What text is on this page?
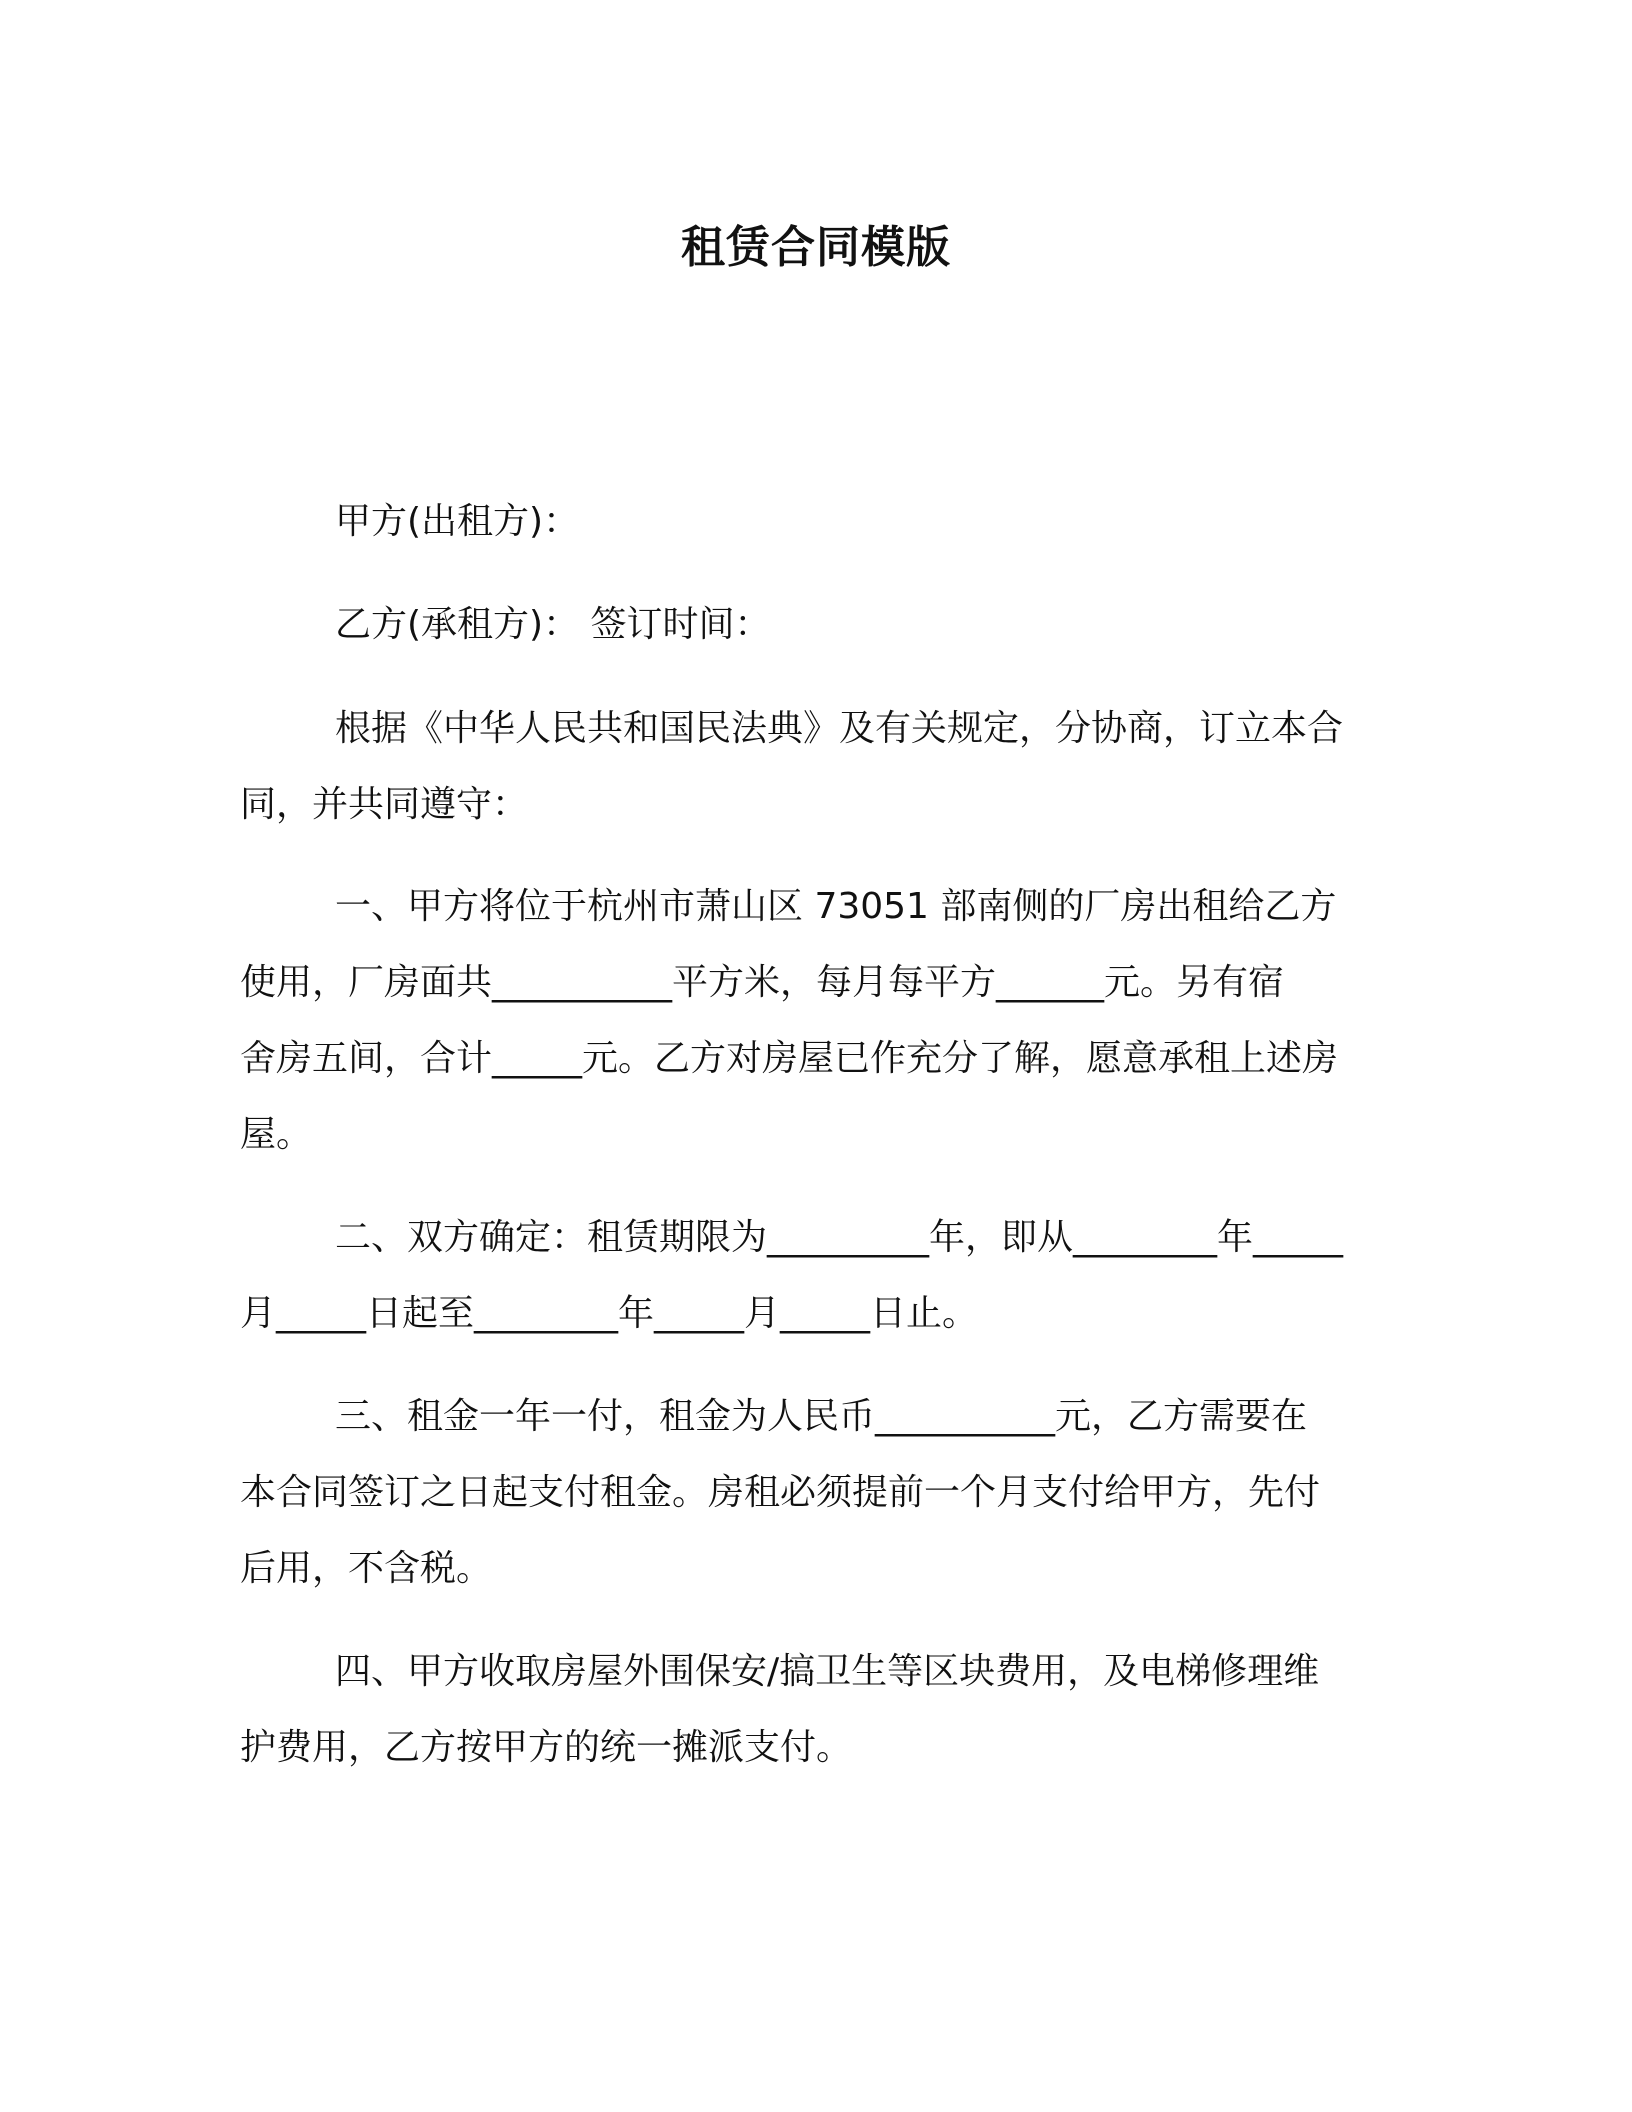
租赁合同模版
甲方(出租方)：
乙方(承租方)： 签订时间：
根据《中华人民共和国民法典》及有关规定，分协商，订立本合
同，并共同遵守：
一、甲方将位于杭州市萧山区 73051 部南侧的厂房出租给乙方
使用，厂房面共__________平方米，每月每平方______元。另有宿
舍房五间，合计_____元。乙方对房屋已作充分了解，愿意承租上述房
屋。
二、双方确定：租赁期限为_________年，即从________年_____
月_____日起至________年_____月_____日止。
三、租金一年一付，租金为人民币__________元，乙方需要在
本合同签订之日起支付租金。房租必须提前一个月支付给甲方，先付
后用，不含税。
四、甲方收取房屋外围保安/搞卫生等区块费用，及电梯修理维
护费用，乙方按甲方的统一摊派支付。
